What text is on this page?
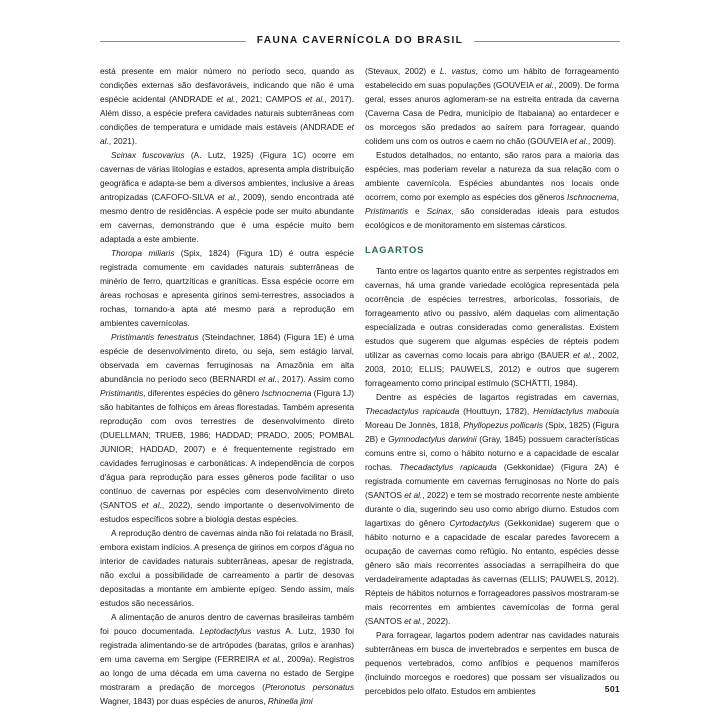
FAUNA CAVERNÍCOLA DO BRASIL

está presente em maior número no período seco, quando as condições externas são desfavoráveis, indicando que não é uma espécie acidental (ANDRADE et al., 2021; CAMPOS et al., 2017). Além disso, a espécie prefera cavidades naturais subterrâneas com condições de temperatura e umidade mais estáveis (ANDRADE et al., 2021).

Scinax fuscovarius (A. Lutz, 1925) (Figura 1C) ocorre em cavernas de várias litologias e estados, apresenta ampla distribuição geográfica e adapta-se bem a diversos ambientes, inclusive a áreas antropizadas (CAFOFO-SILVA et al., 2009), sendo encontrada até mesmo dentro de residências. A espécie pode ser muito abundante em cavernas, demonstrando que é uma espécie muito bem adaptada a este ambiente.

Thoropa miliaris (Spix, 1824) (Figura 1D) é outra espécie registrada comumente em cavidades naturais subterrâneas de minério de ferro, quartzíticas e graníticas. Essa espécie ocorre em áreas rochosas e apresenta girinos semi-terrestres, associados a rochas, tornando-a apta até mesmo para a reprodução em ambientes cavernícolas.

Pristimantis fenestratus (Steindachner, 1864) (Figura 1E) é uma espécie de desenvolvimento direto, ou seja, sem estágio larval, observada em cavernas ferruginosas na Amazônia em alta abundância no período seco (BERNARDI et al., 2017). Assim como Pristimantis, diferentes espécies do gênero Ischnocnema (Figura 1J) são habitantes de folhiços em áreas florestadas. Também apresenta reprodução com ovos terrestres de desenvolvimento direto (DUELLMAN; TRUEB, 1986; HADDAD; PRADO, 2005; POMBAL JUNIOR; HADDAD, 2007) e é frequentemente registrado em cavidades ferruginosas e carbonáticas. A independência de corpos d'água para reprodução para esses gêneros pode facilitar o uso contínuo de cavernas por espécies com desenvolvimento direto (SANTOS et al., 2022), sendo importante o desenvolvimento de estudos específicos sobre a biologia destas espécies.

A reprodução dentro de cavernas ainda não foi relatada no Brasil, embora existam indícios. A presença de girinos em corpos d'água no interior de cavidades naturais subterrâneas, apesar de registrada, não exclui a possibilidade de carreamento a partir de desovas depositadas a montante em ambiente epígeo. Sendo assim, mais estudos são necessários.

A alimentação de anuros dentro de cavernas brasileiras também foi pouco documentada. Leptodactylus vastus A. Lutz, 1930 foi registrada alimentando-se de artrópodes (baratas, grilos e aranhas) em uma caverna em Sergipe (FERREIRA et al., 2009a). Registros ao longo de uma década em uma caverna no estado de Sergipe mostraram a predação de morcegos (Pteronotus personatus Wagner, 1843) por duas espécies de anuros, Rhinella jimi

(Stevaux, 2002) e L. vastus, como um hábito de forrageamento estabelecido em suas populações (GOUVEIA et al., 2009). De forma geral, esses anuros aglomeram-se na estreita entrada da caverna (Caverna Casa de Pedra, município de Itabaiana) ao entardecer e os morcegos são predados ao saírem para forragear, quando colidem uns com os outros e caem no chão (GOUVEIA et al., 2009).

Estudos detalhados, no entanto, são raros para a maioria das espécies, mas poderiam revelar a natureza da sua relação com o ambiente cavernícola. Espécies abundantes nos locais onde ocorrem, como por exemplo as espécies dos gêneros Ischnocnema, Pristimantis e Scinax, são consideradas ideais para estudos ecológicos e de monitoramento em sistemas cársticos.

LAGARTOS

Tanto entre os lagartos quanto entre as serpentes registrados em cavernas, há uma grande variedade ecológica representada pela ocorrência de espécies terrestres, arborícolas, fossoriais, de forrageamento ativo ou passivo, além daquelas com alimentação especializada e outras consideradas como generalistas. Existem estudos que sugerem que algumas espécies de répteis podem utilizar as cavernas como locais para abrigo (BAUER et al., 2002, 2003, 2010; ELLIS; PAUWELS, 2012) e outros que sugerem forrageamento como principal estímulo (SCHÄTTI, 1984).

Dentre as espécies de lagartos registradas em cavernas, Thecadactylus rapicauda (Houttuyn, 1782), Hemidactylus mabouia Moreau De Jonnès, 1818, Phyllopezus pollicaris (Spix, 1825) (Figura 2B) e Gymnodactylus darwinii (Gray, 1845) possuem características comuns entre si, como o hábito noturno e a capacidade de escalar rochas. Thecadactylus rapicauda (Gekkonidae) (Figura 2A) é registrada comumente em cavernas ferruginosas no Norte do país (SANTOS et al., 2022) e tem se mostrado recorrente neste ambiente durante o dia, sugerindo seu uso como abrigo diurno. Estudos com lagartixas do gênero Cyrtodactylus (Gekkonidae) sugerem que o hábito noturno e a capacidade de escalar paredes favorecem a ocupação de cavernas como refúgio. No entanto, espécies desse gênero são mais recorrentes associadas a serrapilheira do que verdadeiramente adaptadas às cavernas (ELLIS; PAUWELS, 2012). Répteis de hábitos noturnos e forrageadores passivos mostraram-se mais recorrentes em ambientes cavernícolas de forma geral (SANTOS et al., 2022).

Para forragear, lagartos podem adentrar nas cavidades naturais subterrâneas em busca de invertebrados e serpentes em busca de pequenos vertebrados, como anfíbios e pequenos mamíferos (incluindo morcegos e roedores) que possam ser visualizados ou percebidos pelo olfato. Estudos em ambientes	501
